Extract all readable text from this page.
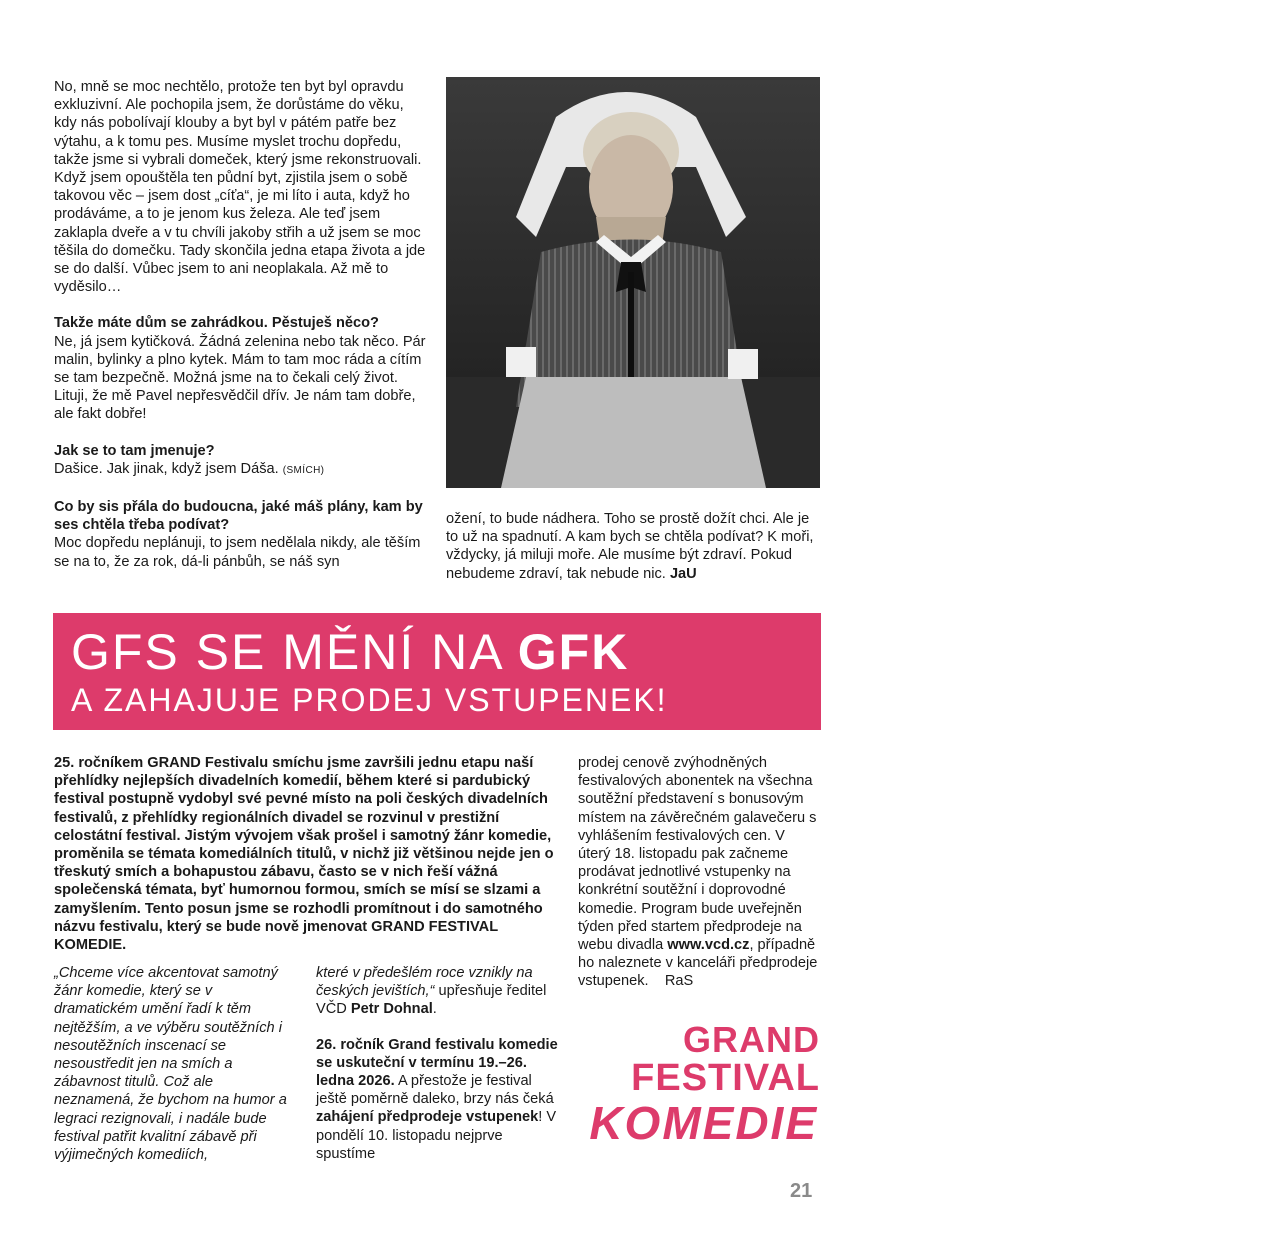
No, mně se moc nechtělo, protože ten byt byl opravdu exkluzivní. Ale pochopila jsem, že dorůstáme do věku, kdy nás pobolívají klouby a byt byl v pátém patře bez výtahu, a k tomu pes. Musíme myslet trochu dopředu, takže jsme si vybrali domeček, který jsme rekonstruovali. Když jsem opouštěla ten půdní byt, zjistila jsem o sobě takovou věc – jsem dost „cíťa“, je mi líto i auta, když ho prodáváme, a to je jenom kus železa. Ale teď jsem zaklapla dveře a v tu chvíli jakoby střih a už jsem se moc těšila do domečku. Tady skončila jedna etapa života a jde se do další. Vůbec jsem to ani neoplakala. Až mě to vyděsilo…

Takže máte dům se zahrádkou. Pěstuješ něco?
Ne, já jsem kytičková. Žádná zelenina nebo tak něco. Pár malin, bylinky a plno kytek. Mám to tam moc ráda a cítím se tam bezpečně. Možná jsme na to čekali celý život. Lituji, že mě Pavel nepřesvědčil dřív. Je nám tam dobře, ale fakt dobře!

Jak se to tam jmenuje?
Dašice. Jak jinak, když jsem Dáša. (SMÍCH)

Co by sis přála do budoucna, jaké máš plány, kam by ses chtěla třeba podívat?
Moc dopředu neplánuji, to jsem nedělala nikdy, ale těším se na to, že za rok, dá-li pánbůh, se náš syn

JAKO DENISA V MAM'ZELLE NITOUCHE V ROCE 1986
ožení, to bude nádhera. Toho se prostě dožít chci. Ale je to už na spadnutí. A kam bych se chtěla podívat? K moři, vždycky, já miluji moře. Ale musíme být zdraví. Pokud nebudeme zdraví, tak nebude nic. JaU
GFS SE MĚNÍ NA GFK
A ZAHAJUJE PRODEJ VSTUPENEK!
25. ročníkem GRAND Festivalu smíchu jsme završili jednu etapu naší přehlídky nejlepších divadelních komedií, během které si pardubický festival postupně vydobyl své pevné místo na poli českých divadelních festivalů, z přehlídky regionálních divadel se rozvinul v prestižní celostátní festival. Jistým vývojem však prošel i samotný žánr komedie, proměnila se témata komediálních titulů, v nichž již většinou nejde jen o třeskutý smích a bohapustou zábavu, často se v nich řeší vážná společenská témata, byť humornou formou, smích se mísí se slzami a zamyšlením. Tento posun jsme se rozhodli promítnout i do samotného názvu festivalu, který se bude nově jmenovat GRAND FESTIVAL KOMEDIE.
„Chceme více akcentovat samotný žánr komedie, který se v dramatickém umění řadí k těm nejtěžším, a ve výběru soutěžních i nesoutěžních inscenací se nesoustředit jen na smích a zábavnost titulů. Což ale neznamená, že bychom na humor a legraci rezignovali, i nadále bude festival patřit kvalitní zábavě při výjimečných komediích,
které v předešlém roce vznikly na českých jevištích,“ upřesňuje ředitel VČD Petr Dohnal.
26. ročník Grand festivalu komedie se uskuteční v termínu 19.–26. ledna 2026. A přestože je festival ještě poměrně daleko, brzy nás čeká zahájení předprodeje vstupenek! V pondělí 10. listopadu nejprve spustíme
prodej cenově zvýhodněných festivalových abonentek na všechna soutěžní představení s bonusovým místem na závěrečném galavečeru s vyhlášením festivalových cen. V úterý 18. listopadu pak začneme prodávat jednotlivé vstupenky na konkrétní soutěžní i doprovodné komedie. Program bude uveřejněn týden před startem předprodeje na webu divadla www.vcd.cz, případně ho naleznete v kanceláři předprodeje vstupenek. RaS
GRAND
FESTIVAL
KOMEDIE
21
